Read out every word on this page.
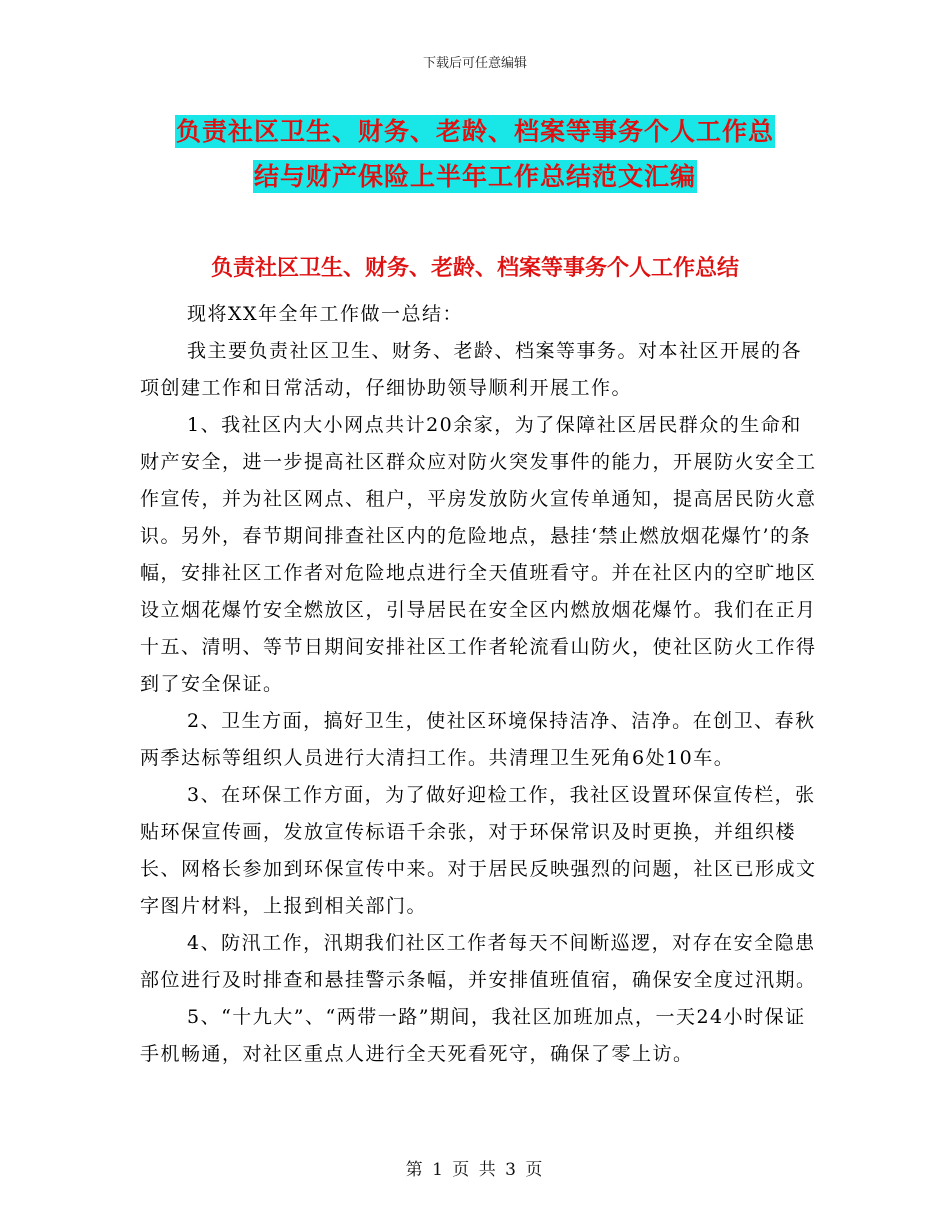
下载后可任意编辑
负责社区卫生、财务、老龄、档案等事务个人工作总
结与财产保险上半年工作总结范文汇编
负责社区卫生、财务、老龄、档案等事务个人工作总结

现将XX年全年工作做一总结：

我主要负责社区卫生、财务、老龄、档案等事务。对本社区开展的各项创建工作和日常活动，仔细协助领导顺利开展工作。

1、我社区内大小网点共计20余家，为了保障社区居民群众的生命和财产安全，进一步提高社区群众应对防火突发事件的能力，开展防火安全工作宣传，并为社区网点、租户，平房发放防火宣传单通知，提高居民防火意识。另外，春节期间排查社区内的危险地点，悬挂‘禁止燃放烟花爆竹’的条幅，安排社区工作者对危险地点进行全天值班看守。并在社区内的空旷地区设立烟花爆竹安全燃放区，引导居民在安全区内燃放烟花爆竹。我们在正月十五、清明、等节日期间安排社区工作者轮流看山防火，使社区防火工作得到了安全保证。

2、卫生方面，搞好卫生，使社区环境保持洁净、洁净。在创卫、春秋两季达标等组织人员进行大清扫工作。共清理卫生死角6处10车。

3、在环保工作方面，为了做好迎检工作，我社区设置环保宣传栏，张贴环保宣传画，发放宣传标语千余张，对于环保常识及时更换，并组织楼长、网格长参加到环保宣传中来。对于居民反映强烈的问题，社区已形成文字图片材料，上报到相关部门。

4、防汛工作，汛期我们社区工作者每天不间断巡逻，对存在安全隐患部位进行及时排查和悬挂警示条幅，并安排值班值宿，确保安全度过汛期。

5、“十九大”、“两带一路”期间，我社区加班加点，一天24小时保证手机畅通，对社区重点人进行全天死看死守，确保了零上访。

第 1 页 共 3 页
